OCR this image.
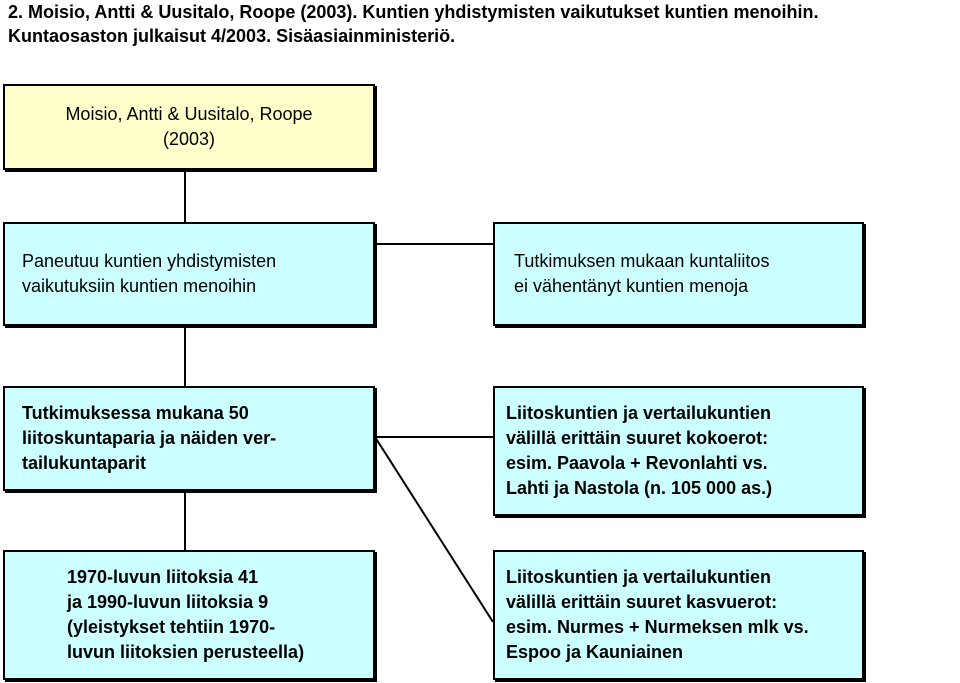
2. Moisio, Antti & Uusitalo, Roope (2003). Kuntien yhdistymisten vaikutukset kuntien menoihin.
Kuntaosaston julkaisut 4/2003. Sisäasiainministeriö.
Moisio, Antti & Uusitalo, Roope
(2003)
Paneutuu kuntien yhdistymisten
vaikutuksiin kuntien menoihin
Tutkimuksen mukaan kuntaliitos
ei vähentänyt kuntien menoja
Tutkimuksessa mukana 50
liitoskuntaparia ja näiden ver-
tailukuntaparit
Liitoskuntien ja vertailukuntien
välillä erittäin suuret kokoerot:
esim. Paavola + Revonlahti vs.
Lahti ja Nastola (n. 105 000 as.)
1970-luvun liitoksia 41
ja 1990-luvun liitoksia 9
(yleistykset tehtiin 1970-
luvun liitoksien perusteella)
Liitoskuntien ja vertailukuntien
välillä erittäin suuret kasvuerot:
esim. Nurmes + Nurmeksen mlk vs.
Espoo ja Kauniainen
